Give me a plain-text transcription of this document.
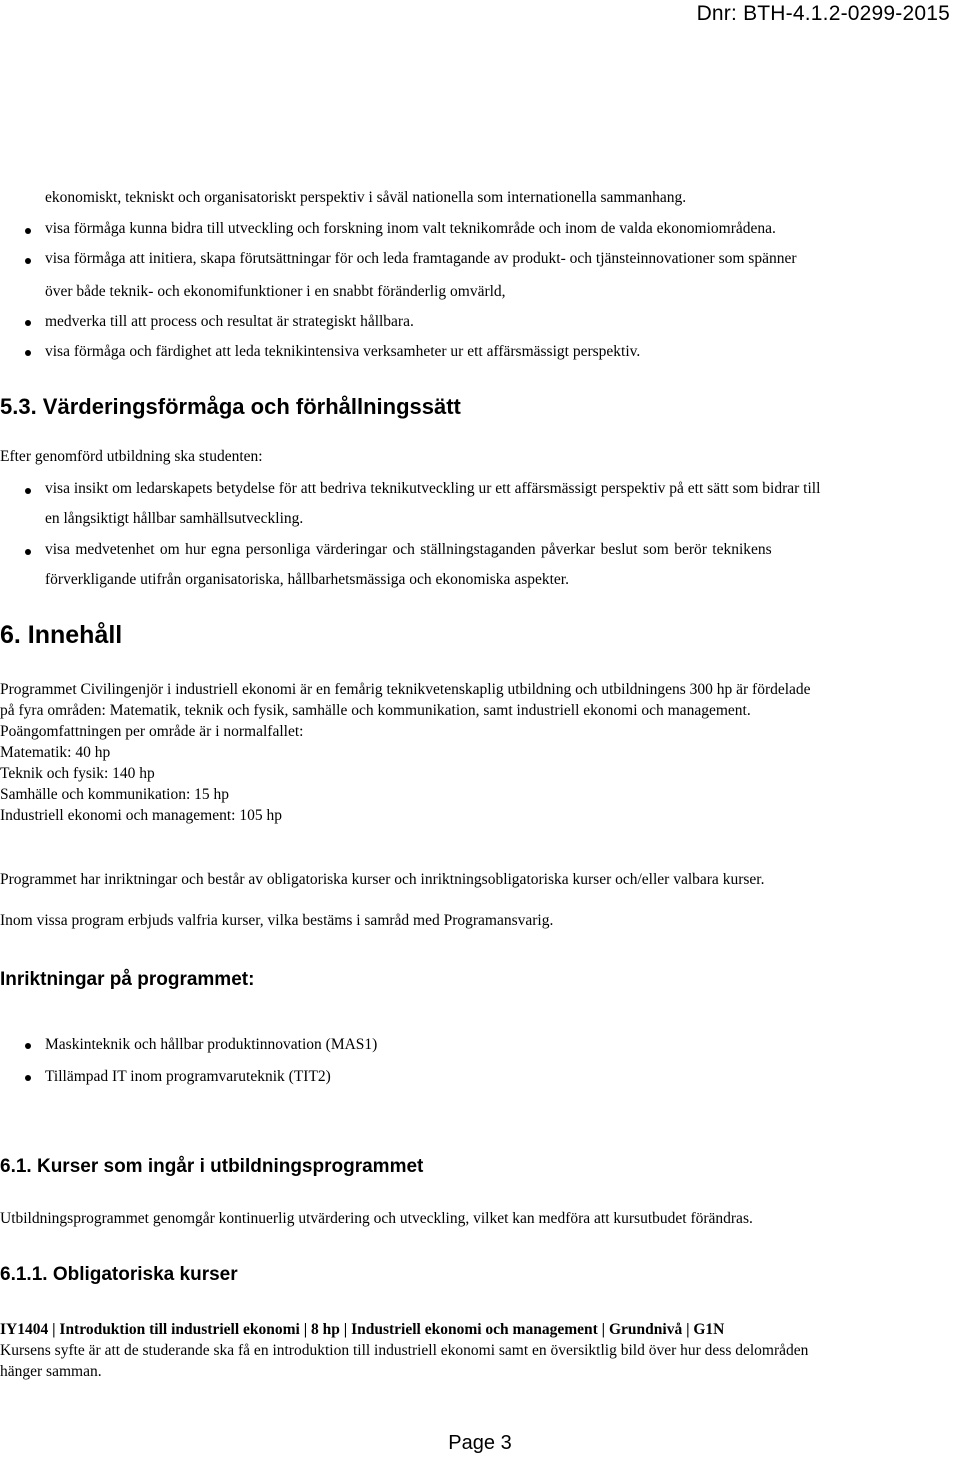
Dnr: BTH-4.1.2-0299-2015
ekonomiskt, tekniskt och organisatoriskt perspektiv i såväl nationella som internationella sammanhang.
visa förmåga kunna bidra till utveckling och forskning inom valt teknikområde och inom de valda ekonomiområdena.
visa förmåga att initiera, skapa förutsättningar för och leda framtagande av produkt- och tjänsteinnovationer som spänner
över både teknik- och ekonomifunktioner i en snabbt föränderlig omvärld,
medverka till att process och resultat är strategiskt hållbara.
visa förmåga och färdighet att leda teknikintensiva verksamheter ur ett affärsmässigt perspektiv.
5.3. Värderingsförmåga och förhållningssätt
Efter genomförd utbildning ska studenten:
visa insikt om ledarskapets betydelse för att bedriva teknikutveckling ur ett affärsmässigt perspektiv på ett sätt som bidrar till
en långsiktigt hållbar samhällsutveckling.
visa medvetenhet om hur egna personliga värderingar och ställningstaganden påverkar beslut som berör teknikens
förverkligande utifrån organisatoriska, hållbarhetsmässiga och ekonomiska aspekter.
6. Innehåll
Programmet Civilingenjör i industriell ekonomi är en femårig teknikvetenskaplig utbildning och utbildningens 300 hp är fördelade
på fyra områden: Matematik, teknik och fysik, samhälle och kommunikation, samt industriell ekonomi och management.
Poängomfattningen per område är i normalfallet:
Matematik: 40 hp
Teknik och fysik: 140 hp
Samhälle och kommunikation: 15 hp
Industriell ekonomi och management: 105 hp
Programmet har inriktningar och består av obligatoriska kurser och inriktningsobligatoriska kurser och/eller valbara kurser.
Inom vissa program erbjuds valfria kurser, vilka bestäms i samråd med Programansvarig.
Inriktningar på programmet:
Maskinteknik och hållbar produktinnovation (MAS1)
Tillämpad IT inom programvaruteknik (TIT2)
6.1. Kurser som ingår i utbildningsprogrammet
Utbildningsprogrammet genomgår kontinuerlig utvärdering och utveckling, vilket kan medföra att kursutbudet förändras.
6.1.1. Obligatoriska kurser
IY1404 | Introduktion till industriell ekonomi | 8 hp | Industriell ekonomi och management | Grundnivå | G1N
Kursens syfte är att de studerande ska få en introduktion till industriell ekonomi samt en översiktlig bild över hur dess delområden
hänger samman.
Page 3
